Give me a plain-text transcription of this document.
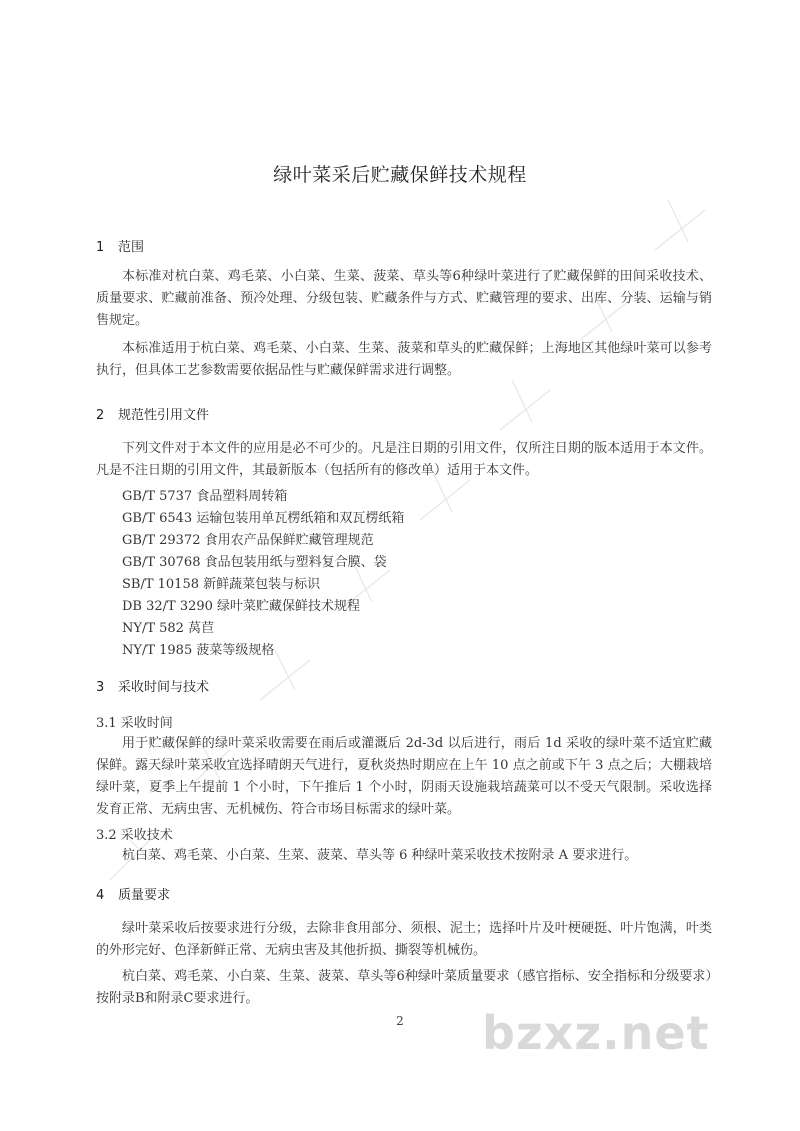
绿叶菜采后贮藏保鲜技术规程
1 范围
本标准对杭白菜、鸡毛菜、小白菜、生菜、菠菜、草头等6种绿叶菜进行了贮藏保鲜的田间采收技术、质量要求、贮藏前准备、预冷处理、分级包装、贮藏条件与方式、贮藏管理的要求、出库、分装、运输与销售规定。
本标准适用于杭白菜、鸡毛菜、小白菜、生菜、菠菜和草头的贮藏保鲜；上海地区其他绿叶菜可以参考执行，但具体工艺参数需要依据品性与贮藏保鲜需求进行调整。
2 规范性引用文件
下列文件对于本文件的应用是必不可少的。凡是注日期的引用文件，仅所注日期的版本适用于本文件。凡是不注日期的引用文件，其最新版本（包括所有的修改单）适用于本文件。
GB/T 5737 食品塑料周转箱
GB/T 6543 运输包装用单瓦楞纸箱和双瓦楞纸箱
GB/T 29372 食用农产品保鲜贮藏管理规范
GB/T 30768 食品包装用纸与塑料复合膜、袋
SB/T 10158 新鲜蔬菜包装与标识
DB 32/T 3290 绿叶菜贮藏保鲜技术规程
NY/T 582 莴苣
NY/T 1985 菠菜等级规格
3 采收时间与技术
3.1 采收时间
用于贮藏保鲜的绿叶菜采收需要在雨后或灌溉后 2d-3d 以后进行，雨后 1d 采收的绿叶菜不适宜贮藏保鲜。露天绿叶菜采收宜选择晴朗天气进行，夏秋炎热时期应在上午 10 点之前或下午 3 点之后；大棚栽培绿叶菜，夏季上午提前 1 个小时，下午推后 1 个小时，阴雨天设施栽培蔬菜可以不受天气限制。采收选择发育正常、无病虫害、无机械伤、符合市场目标需求的绿叶菜。
3.2 采收技术
杭白菜、鸡毛菜、小白菜、生菜、菠菜、草头等 6 种绿叶菜采收技术按附录 A 要求进行。
4 质量要求
绿叶菜采收后按要求进行分级，去除非食用部分、须根、泥土；选择叶片及叶梗硬挺、叶片饱满，叶类的外形完好、色泽新鲜正常、无病虫害及其他折损、撕裂等机械伤。
杭白菜、鸡毛菜、小白菜、生菜、菠菜、草头等6种绿叶菜质量要求（感官指标、安全指标和分级要求）按附录B和附录C要求进行。
2	bzxz.net
